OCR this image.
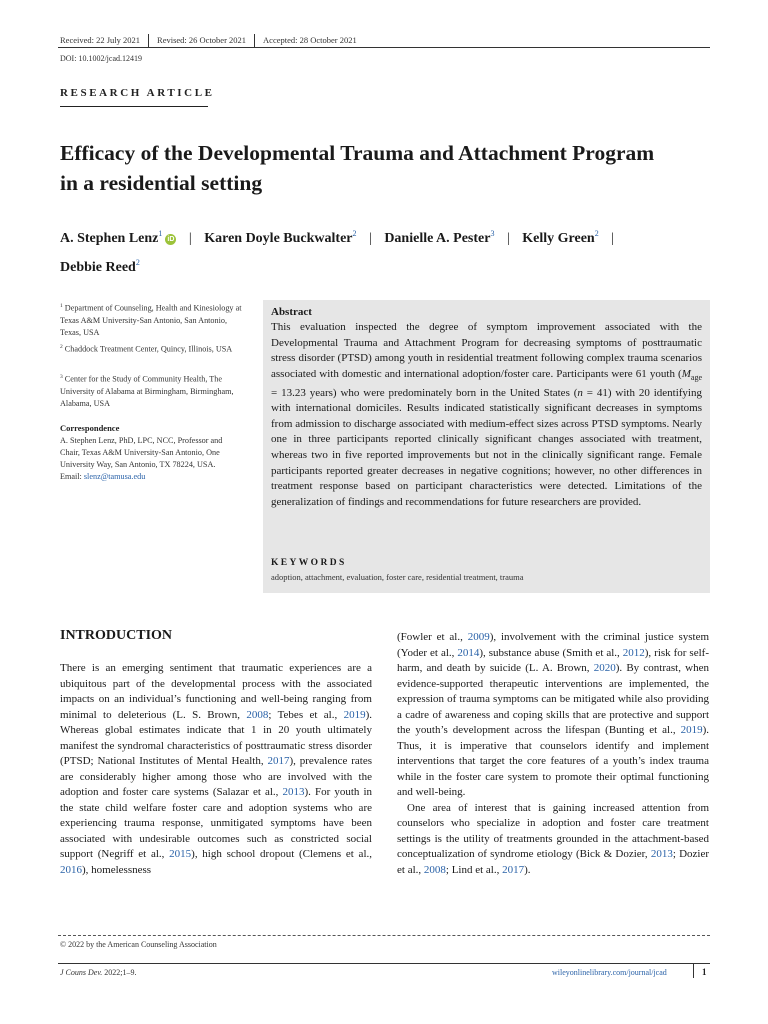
Received: 22 July 2021	Revised: 26 October 2021	Accepted: 28 October 2021
DOI: 10.1002/jcad.12419
RESEARCH ARTICLE
Efficacy of the Developmental Trauma and Attachment Program
in a residential setting
A. Stephen Lenz$^1$iD | Karen Doyle Buckwalter$^2$ | Danielle A. Pester$^3$ | Kelly Green$^2$ |
Debbie Reed$^2$
$^1$ Department of Counseling, Health and Kinesiology at Texas A&M University-San Antonio, San Antonio, Texas, USA
$^2$ Chaddock Treatment Center, Quincy, Illinois, USA
$^3$ Center for the Study of Community Health, The University of Alabama at Birmingham, Birmingham, Alabama, USA
Correspondence
A. Stephen Lenz, PhD, LPC, NCC, Professor and Chair, Texas A&M University-San Antonio, One University Way, San Antonio, TX 78224, USA.
Email: slenz@tamusa.edu
Abstract

This evaluation inspected the degree of symptom improvement associated with the Developmental Trauma and Attachment Program for decreasing symptoms of posttraumatic stress disorder (PTSD) among youth in residential treatment following complex trauma scenarios associated with domestic and international adoption/foster care. Participants were 61 youth ($M_{age} = 13.23$ years) who were predominately born in the United States (n = 41) with 20 identifying with international domiciles. Results indicated statistically significant decreases in symptoms from admission to discharge associated with medium-effect sizes across PTSD symptoms. Nearly one in three participants reported clinically significant changes associated with treatment, whereas two in five reported improvements but not in the clinically significant range. Female participants reported greater decreases in negative cognitions; however, no other differences in treatment response based on participant characteristics were detected. Limitations of the generalization of findings and recommendations for future researchers are provided.

KEYWORDS
adoption, attachment, evaluation, foster care, residential treatment, trauma
INTRODUCTION

There is an emerging sentiment that traumatic experiences are a ubiquitous part of the developmental process with the associated impacts on an individual’s functioning and well-being ranging from minimal to deleterious (L. S. Brown, 2008; Tebes et al., 2019). Whereas global estimates indicate that 1 in 20 youth ultimately manifest the syndromal characteristics of posttraumatic stress disorder (PTSD; National Institutes of Mental Health, 2017), prevalence rates are considerably higher among those who are involved with the adoption and foster care systems (Salazar et al., 2013). For youth in the state child welfare foster care and adoption systems who are experiencing trauma response, unmitigated symptoms have been associated with undesirable outcomes such as constricted social support (Negriff et al., 2015), high school dropout (Clemens et al., 2016), homelessness

(Fowler et al., 2009), involvement with the criminal justice system (Yoder et al., 2014), substance abuse (Smith et al., 2012), risk for self-harm, and death by suicide (L. A. Brown, 2020). By contrast, when evidence-supported therapeutic interventions are implemented, the expression of trauma symptoms can be mitigated while also providing a cadre of awareness and coping skills that are protective and support the youth’s development across the lifespan (Bunting et al., 2019). Thus, it is imperative that counselors identify and implement interventions that target the core features of a youth’s index trauma while in the foster care system to promote their optimal functioning and well-being.

One area of interest that is gaining increased attention from counselors who specialize in adoption and foster care treatment settings is the utility of treatments grounded in the attachment-based conceptualization of syndrome etiology (Bick & Dozier, 2013; Dozier et al., 2008; Lind et al., 2017).

© 2022 by the American Counseling Association
J Couns Dev. 2022;1–9.	wileyonlinelibrary.com/journal/jcad	1
